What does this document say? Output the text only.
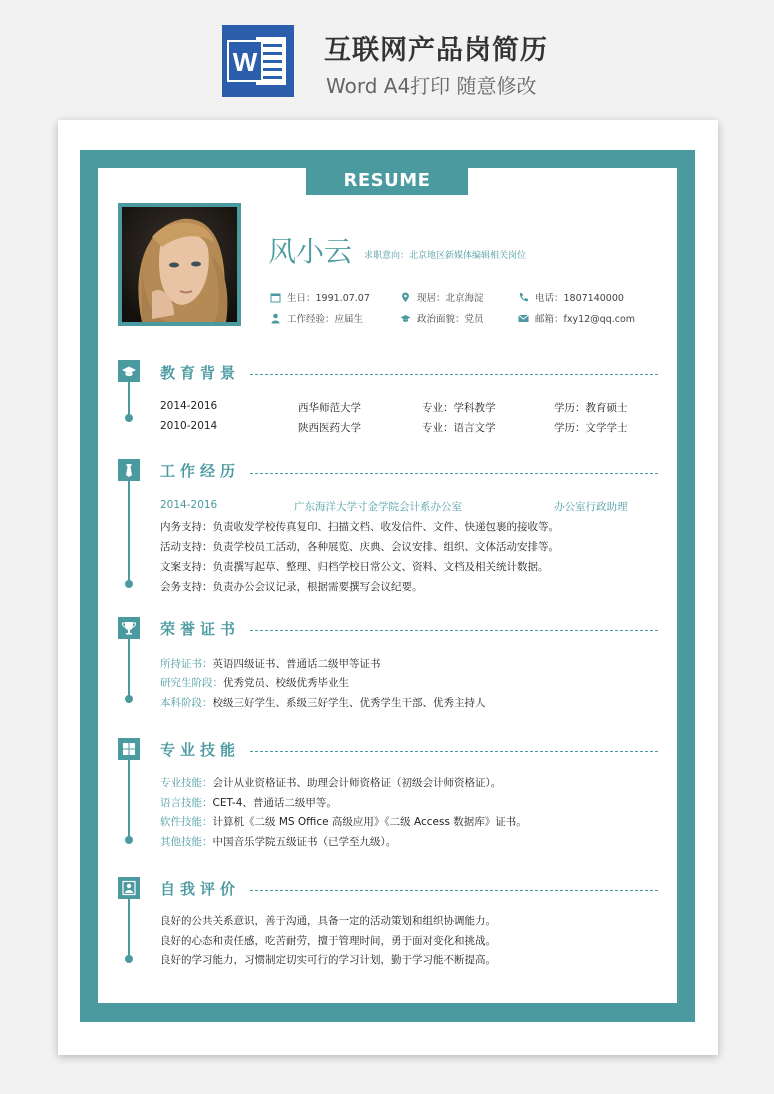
W 互联网产品岗简历
Word A4打印 随意修改
RESUME
风小云 求职意向：北京地区新媒体编辑相关岗位
生日：1991.07.07	现居：北京海淀	电话：1807140000
工作经验：应届生	政治面貌：党员	邮箱：fxy12@qq.com
教育背景
2014-2016	西华师范大学	专业：学科教学	学历：教育硕士
2010-2014	陕西医药大学	专业：语言文学	学历：文学学士
工作经历
2014-2016	广东海洋大学寸金学院会计系办公室	办公室行政助理
内务支持：负责收发学校传真复印、扫描文档、收发信件、文件、快递包裹的接收等。
活动支持：负责学校员工活动，各种展览、庆典、会议安排、组织、文体活动安排等。
文案支持：负责撰写起草、整理、归档学校日常公文、资料、文档及相关统计数据。
会务支持：负责办公会议记录，根据需要撰写会议纪要。
荣誉证书
所持证书：英语四级证书、普通话二级甲等证书
研究生阶段：优秀党员、校级优秀毕业生
本科阶段：校级三好学生、系级三好学生、优秀学生干部、优秀主持人
专业技能
专业技能：会计从业资格证书、助理会计师资格证（初级会计师资格证）。
语言技能：CET-4、普通话二级甲等。
软件技能：计算机《二级 MS Office 高级应用》《二级 Access 数据库》证书。
其他技能：中国音乐学院五级证书（已学至九级）。
自我评价
良好的公共关系意识，善于沟通，具备一定的活动策划和组织协调能力。
良好的心态和责任感，吃苦耐劳，擅于管理时间，勇于面对变化和挑战。
良好的学习能力，习惯制定切实可行的学习计划，勤于学习能不断提高。
